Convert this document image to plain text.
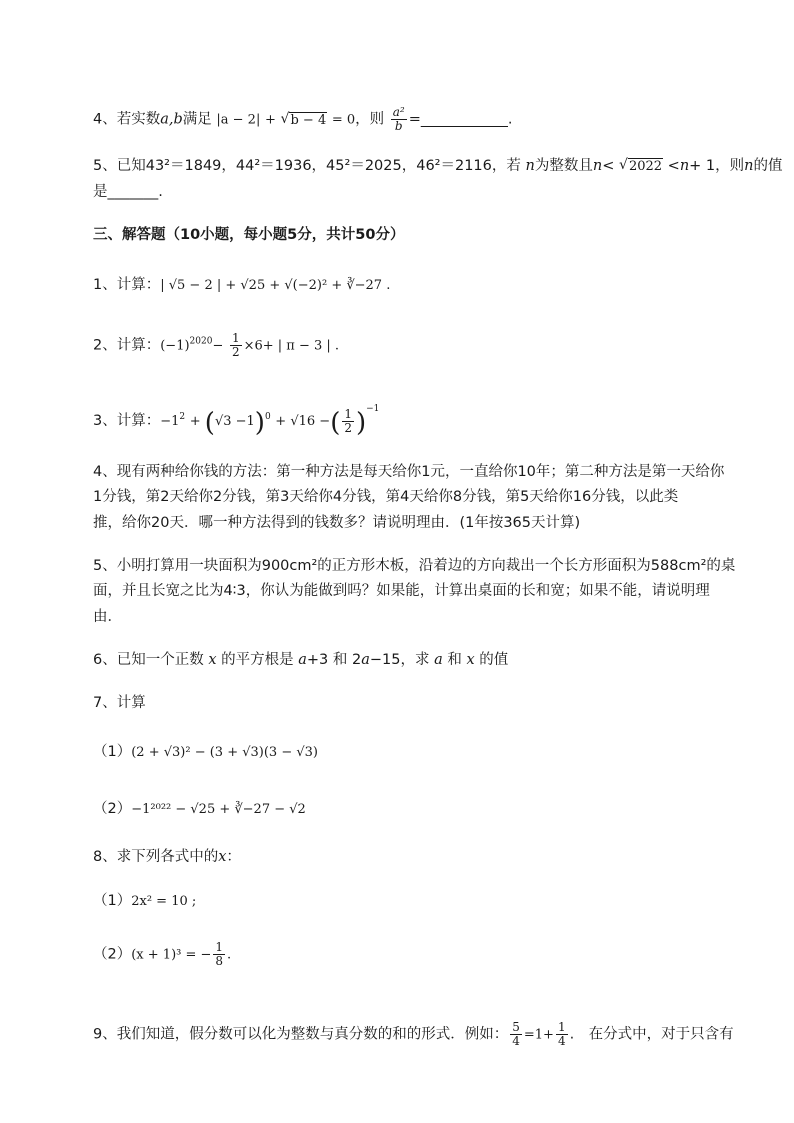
4、若实数a,b满足 |a − 2| + √ b − 4 = 0，则 $\frac{\text{a²}}{b}$ =____________.
5、已知43²＝1849，44²＝1936，45²＝2025，46²＝2116，若 n为整数且n< √ 2022 <n+ 1，则n的值
是_______.
三、解答题（10小题，每小题5分，共计50分）
1、计算：| √5 − 2 | + √25 + √(−2)² + ∛−27 .
2、计算：$(-1)^{2020}- \frac{1}{2} \times 6+$ | π − 3 | .
3、计算：$-1^2 + (√3 -1)^0 + √16$ −( $\frac{1}{2} )^{-1}$
4、现有两种给你钱的方法：第一种方法是每天给你1元，一直给你10年；第二种方法是第一天给你
1分钱，第2天给你2分钱，第3天给你4分钱，第4天给你8分钱，第5天给你16分钱，以此类
推，给你20天．哪一种方法得到的钱数多？请说明理由．(1年按365天计算)
5、小明打算用一块面积为900cm²的正方形木板，沿着边的方向裁出一个长方形面积为588cm²的桌
面，并且长宽之比为4∶3，你认为能做到吗？如果能，计算出桌面的长和宽；如果不能，请说明理
由．
6、已知一个正数 x 的平方根是 a+3 和 2a−15，求 a 和 x 的值
7、计算
（1）(2 + √3)² − (3 + √3)(3 − √3)
（2）−1²⁰²² − √25 + ∛−27 − √2
8、求下列各式中的x：
（1）2x² = 10 ;
（2）(x + 1)³ = − $\frac{1}{8}$ .
9、我们知道，假分数可以化为整数与真分数的和的形式．例如： $\frac{5}{4} =1+ \frac{1}{4}$ .　在分式中，对于只含有
